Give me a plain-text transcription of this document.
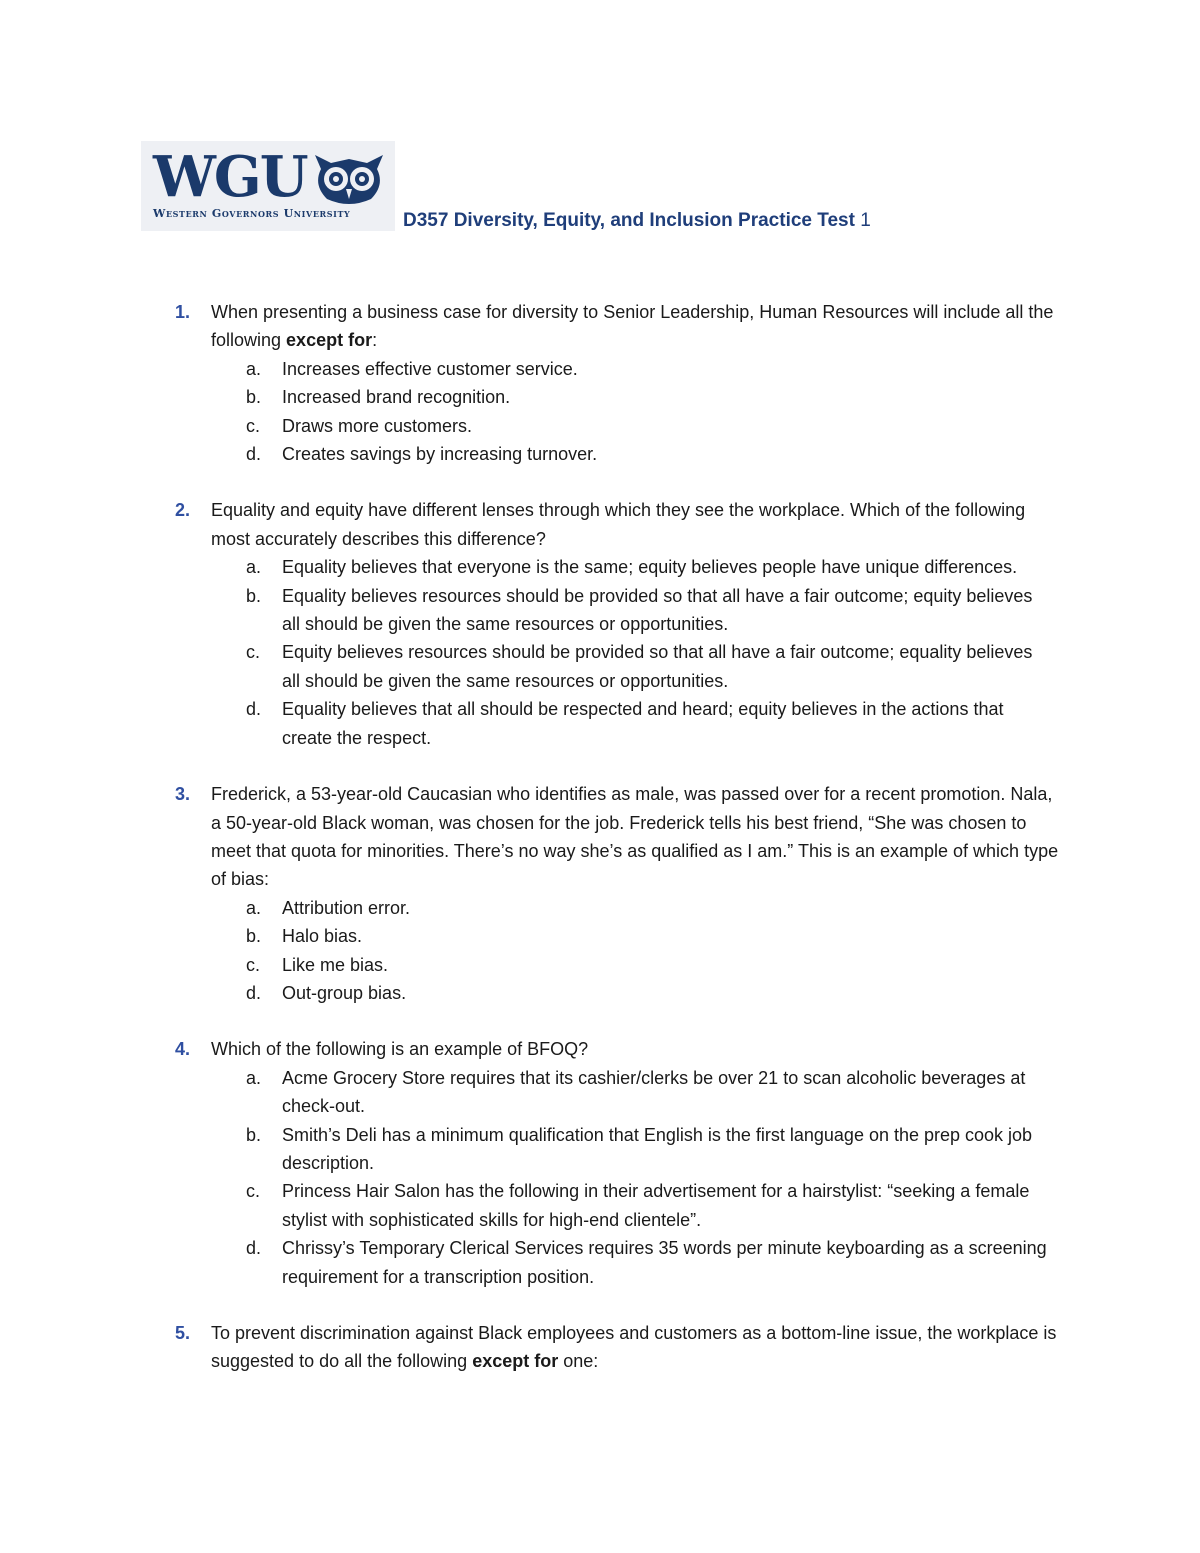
WGU
Western Governors University	D357 Diversity, Equity, and Inclusion Practice Test 1
1. When presenting a business case for diversity to Senior Leadership, Human Resources will include all the following except for:
a. Increases effective customer service.
b. Increased brand recognition.
c. Draws more customers.
d. Creates savings by increasing turnover.
2. Equality and equity have different lenses through which they see the workplace. Which of the following most accurately describes this difference?
a. Equality believes that everyone is the same; equity believes people have unique differences.
b. Equality believes resources should be provided so that all have a fair outcome; equity believes all should be given the same resources or opportunities.
c. Equity believes resources should be provided so that all have a fair outcome; equality believes all should be given the same resources or opportunities.
d. Equality believes that all should be respected and heard; equity believes in the actions that create the respect.
3. Frederick, a 53-year-old Caucasian who identifies as male, was passed over for a recent promotion. Nala, a 50-year-old Black woman, was chosen for the job. Frederick tells his best friend, “She was chosen to meet that quota for minorities. There’s no way she’s as qualified as I am.” This is an example of which type of bias:
a. Attribution error.
b. Halo bias.
c. Like me bias.
d. Out-group bias.
4. Which of the following is an example of BFOQ?
a. Acme Grocery Store requires that its cashier/clerks be over 21 to scan alcoholic beverages at check-out.
b. Smith’s Deli has a minimum qualification that English is the first language on the prep cook job description.
c. Princess Hair Salon has the following in their advertisement for a hairstylist: “seeking a female stylist with sophisticated skills for high-end clientele”.
d. Chrissy’s Temporary Clerical Services requires 35 words per minute keyboarding as a screening requirement for a transcription position.
5. To prevent discrimination against Black employees and customers as a bottom-line issue, the workplace is suggested to do all the following except for one:
